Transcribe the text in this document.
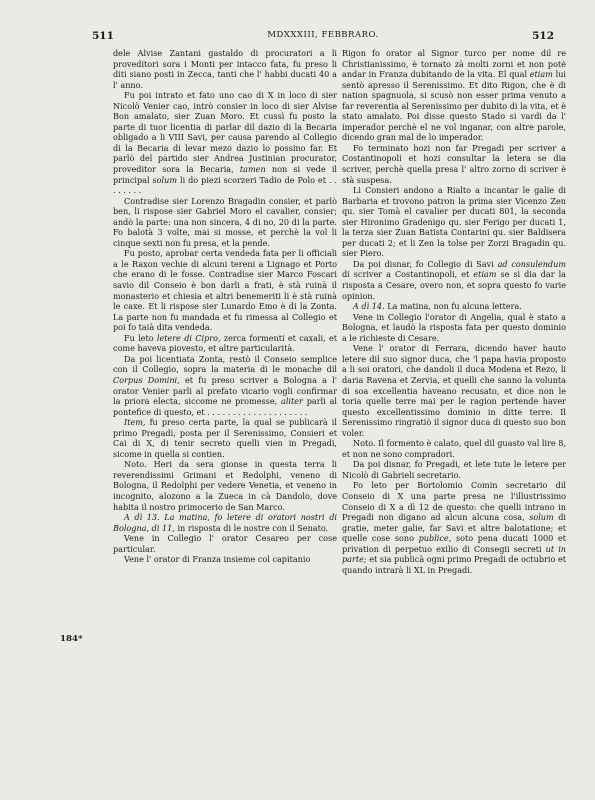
511	MDXXXIII, FEBBRARO.	512
184*

dele Alvise Zantani gastaldo di procuratori a li proveditori sora i Monti per intacco fata, fu preso li diti siano posti in Zecca, tanti che l' habbi ducati 40 a l' anno.

Fu poi intrato et fato uno cao di X in loco di sier Nicolò Venier cao, intrò consier in loco di sier Alvise Bon amalato, sier Zuan Moro. Et cussì fu posto la parte di tuor licentia di parlar dil dazio di la Becaria obligado a li VIII Savi, per causa parendo al Collegio di la Becaria di levar mezo dazio lo possino far. Et parlò del partido sier Andrea Justinian procurator, proveditor sora la Becaria, tamen non si vede il principal solum li do piezi scorzeri Tadio de Polo et . . . . . . . .

Contradise sier Lorenzo Bragadin consier, et parlò ben, li rispose sier Gabriel Moro el cavalier, consier; andò la parte: una non sincera, 4 di no, 20 di la parte. Fo balotà 3 volte, mai si mosse, et perchè la vol li cinque sexti non fu presa, et la pende.

Fu posto, aprobar certa vendeda fata per li officiali a le Raxon vechie di alcuni tereni a Lignago et Porto che erano di le fosse. Contradise sier Marco Foscari savio dil Conseio è bon darli a frati, è stà ruinà il monasterio et chiesia et altri benemeriti li è stà ruinà le caxe. Et li rispose sier Lunardo Emo è di la Zonta. La parte non fu mandada et fu rimessa al Collegio et poi fo taià dita vendeda.

Fu leto letere di Cipro, zerca formenti et caxali, et come haveva piovesto, et altre particularità.

Da poi licentiata Zonta, restò il Conseio semplice con il Collegio, sopra la materia di le monache dil Corpus Domini, et fu preso scriver a Bologna a l' orator Venier parli al prefato vicario vogli confirmar la priora electa, siccome ne promesse, aliter parli al pontefice di questo, et . . . . . . . . . . . . . . . . . . . .

Item, fu preso certa parte, la qual se publicarà il primo Pregadi, posta per il Serenissimo, Consieri et Cai di X, di tenir secreto quelli vien in Pregadi, sicome in quella si contien.

Noto. Heri da sera gionse in questa terra li reverendissimi Grimani et Redolphi, veneno di Bologna, il Redolphi per vedere Venetia, et veneno in incognito, alozono a la Zueca in cà Dandolo, dove habita il nostro primocerio de San Marco.

A dì 13. La matina, fo letere di oratori nostri di Bologna, di 11, in risposta di le nostre con il Senato.

Vene in Collegio l' orator Cesareo per cose particular.

Vene l' orator di Franza insieme col capitanio

Rigon fo orator al Signor turco per nome dil re Christianissimo, è tornato zà molti zorni et non potè andar in Franza dubitando de la vita. El qual etiam lui sentò apresso il Serenissimo. Et dito Rigon, che è di nation spagnuola, si scusò non esser prima venuto a far reverentia al Serenissimo per dubito di la vita, et è stato amalato. Poi disse questo Stado si vardi da l' imperador perchè el ne vol inganar, con altre parole, dicendo gran mal de lo imperador.

Fo terminato hozi non far Pregadi per scriver a Costantinopoli et hozi consultar la letera se dia scriver, perchè quella presa l' altro zorno di scriver è stà suspesa.

Li Consieri andono a Rialto a incantar le galie di Barbaria et trovono patron la prima sier Vicenzo Zen qu. sier Tomà el cavalier per ducati 801, la seconda sier Hironimo Gradenigo qu. sier Ferigo per ducati 1, la terza sier Zuan Batista Contarini qu. sier Baldisera per ducati 2; et li Zen la tolse per Zorzi Bragadin qu. sier Piero.

Da poi disnar, fo Collegio di Savi ad consulendum di scriver a Costantinopoli, et etiam se si dia dar la risposta a Cesare, overo non, et sopra questo fo varie opinion.

A dì 14. La matina, non fu alcuna lettera.

Vene in Collegio l'orator di Angelia, qual è stato a Bologna, et laudò la risposta fata per questo dominio a le richieste di Cesare.

Vene l' orator di Ferrara, dicendo haver hauto letere dil suo signor duca, che 'l papa havia proposto a li soi oratori, che dandoli il duca Modena et Rezo, li daria Ravena et Zervia, et quelli che sanno la volunta di soa excellentia haveano recusato, et dice non le toria quelle terre mai per le ragion pertende haver questo excellentissimo dominio in ditte terre. Il Serenissimo ringratiò il signor duca di questo suo bon voler.

Noto. Il formento è calato, quel dil guasto val lire 8, et non ne sono compradori.

Da poi disnar, fo Pregadi, et lete tute le letere per Nicolò di Gabrieli secretario.

Fo leto per Bortolomio Comin secretario dil Conseio di X una parte presa ne l'illustrissimo Conseio di X a dì 12 de questo: che quelli intrano in Pregadi non digano ad alcun alcuna cosa, solum di gratie, meter galie, far Savi et altre balotatione; et quelle cose sono publice, soto pena ducati 1000 et privation di perpetuo exilio di Consegii secreti ut in parte; et sia publicà ogni primo Pregadi de octubrio et quando intrarà li XL in Pregadi.
